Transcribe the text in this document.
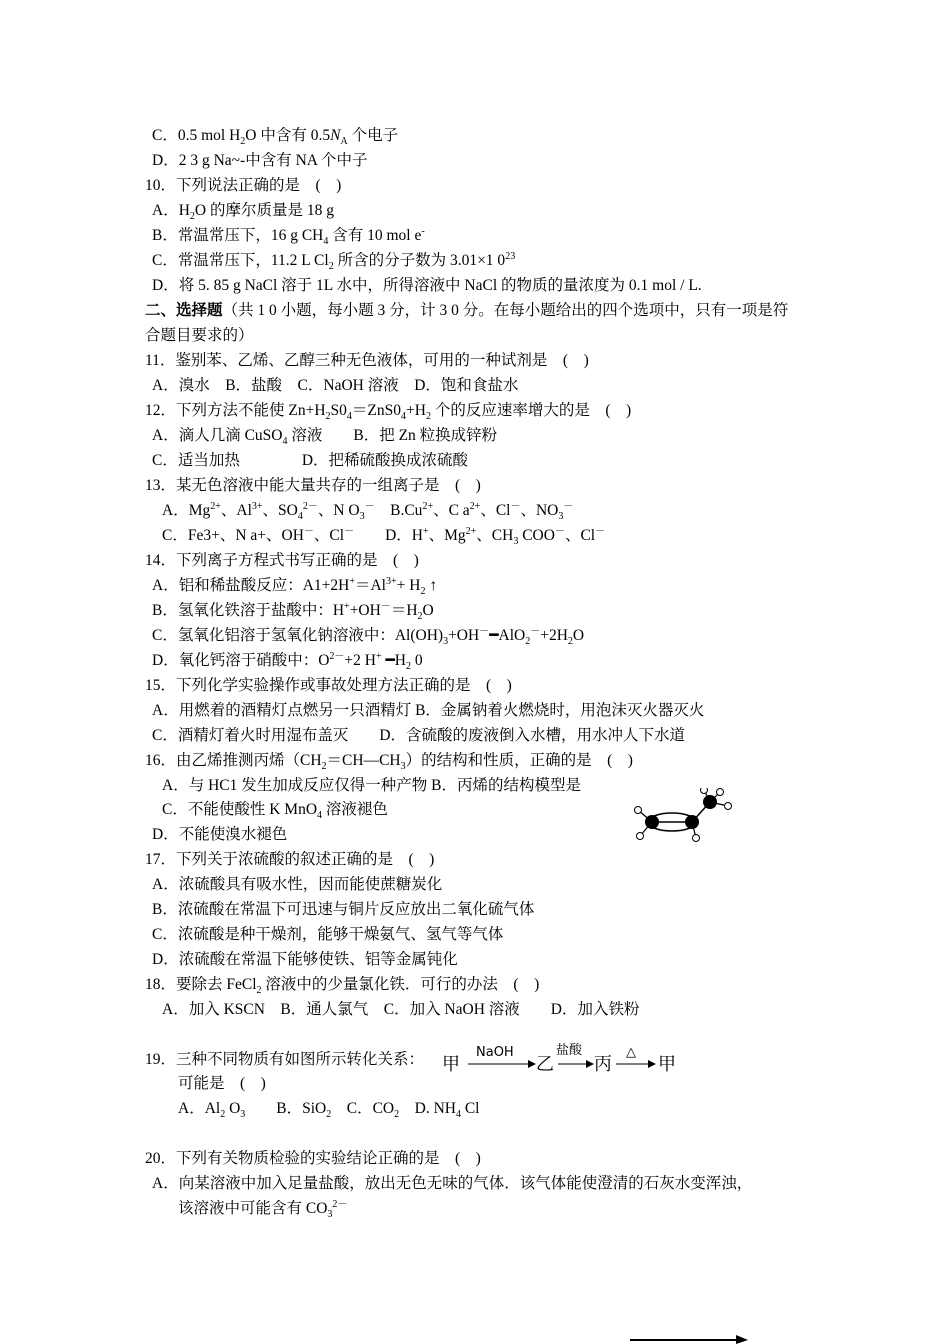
C．0.5 mol $H_2O$ 中含有 $0.5N_A$ 个电子
D．2 3 g Na~-中含有 NA 个中子
10．下列说法正确的是　(　)
A．$H_2O$ 的摩尔质量是 18 g
B．常温常压下，16 g $CH_4$ 含有 10 mol e-
C．常温常压下，11.2 L $Cl_2$ 所含的分子数为 3.01×1 $0^{23}$
D．将 5. 85 g NaCl 溶于 1L 水中，所得溶液中 NaCl 的物质的量浓度为 0.1 mol / L.
二、选择题（共 1 0 小题，每小题 3 分，计 3 0 分。在每小题给出的四个选项中，只有一项是符
合题目要求的）
11．鉴别苯、乙烯、乙醇三种无色液体，可用的一种试剂是　(　)
A．溴水　B．盐酸　C．NaOH 溶液　D．饱和食盐水
12．下列方法不能使 $Zn+H_2S0_4=ZnS0_4+H_2$ 个的反应速率增大的是　(　)
A．滴人几滴 CuSO$_4$ 溶液　　B．把 Zn 粒换成锌粉
C．适当加热　　　　D．把稀硫酸换成浓硫酸
13．某无色溶液中能大量共存的一组离子是　(　)
A．$Mg^{2+}$、$Al^{3+}$、$SO_4^{2-}$、N $O_3^-$　$B.Cu^{2+}$、C $a^{2+}$、Cl－、$NO_3^-$
C．Fe3+、N a+、OH－、Cl－　　D．H+、$Mg^{2+}$、$CH_3$ COO－、Cl－
14．下列离子方程式书写正确的是　(　)
A．铝和稀盐酸反应：$A1+2H^+=Al^{3+}+ H_2$ ↑
B．氢氧化铁溶于盐酸中：$H^++OH^-=H_2O$
C．氢氧化铝溶于氢氧化钠溶液中：$Al(OH)_3+OH^-━AlO_2^-+2H_2O$
D．氧化钙溶于硝酸中：$O^{2-}+2$ H+ $━H_2$ 0
15．下列化学实验操作或事故处理方法正确的是　(　)
A．用燃着的酒精灯点燃另一只酒精灯 B．金属钠着火燃烧时，用泡沫灭火器灭火
C．酒精灯着火时用湿布盖灭　　D．含硫酸的废液倒入水槽，用水冲人下水道
16．由乙烯推测丙烯$(CH_2=CH—CH_3)$的结构和性质，正确的是　(　)
A．与 HC1 发生加成反应仅得一种产物 B．丙烯的结构模型是
C．不能使酸性 K MnO$_4$ 溶液褪色
D．不能使溴水褪色
17．下列关于浓硫酸的叙述正确的是　(　)
A．浓硫酸具有吸水性，因而能使蔗糖炭化
B．浓硫酸在常温下可迅速与铜片反应放出二氧化硫气体
C．浓硫酸是种干燥剂，能够干燥氨气、氢气等气体
D．浓硫酸在常温下能够使铁、铝等金属钝化
18．要除去 FeCl$_2$ 溶液中的少量氯化铁．可行的办法　(　)
A．加入 KSCN　B．通人氯气　C．加入 NaOH 溶液　　D．加入铁粉
19．三种不同物质有如图所示转化关系：
可能是　(　)
A．$Al_2$ $O_3$　　B．SiO$_2$　C．$CO_2$　D. $NH_4$ Cl
20．下列有关物质检验的实验结论正确的是　(　)
A．向某溶液中加入足量盐酸，放出无色无味的气体．该气体能使澄清的石灰水变浑浊，
该溶液中可能含有 $CO_3^{2-}$
甲
NaOH
乙
盐酸
丙
△
甲
